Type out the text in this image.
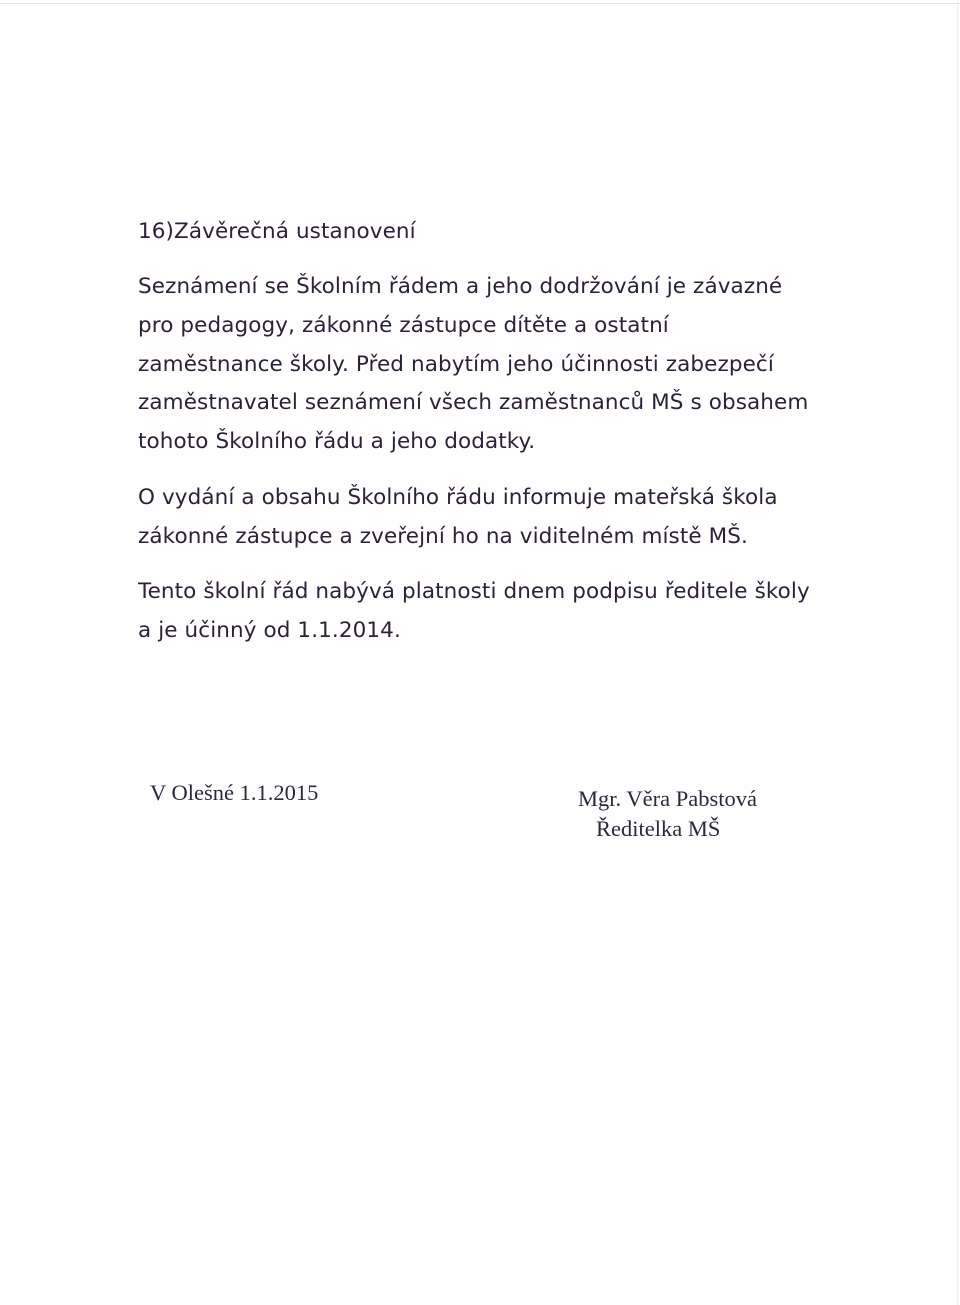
16)Závěrečná ustanovení
Seznámení se Školním řádem a jeho dodržování je závazné
pro pedagogy, zákonné zástupce dítěte a ostatní
zaměstnance školy. Před nabytím jeho účinnosti zabezpečí
zaměstnavatel seznámení všech zaměstnanců MŠ s obsahem
tohoto Školního řádu a jeho dodatky.
O vydání a obsahu Školního řádu informuje mateřská škola
zákonné zástupce a zveřejní ho na viditelném místě MŠ.
Tento školní řád nabývá platnosti dnem podpisu ředitele školy
a je účinný od 1.1.2014.
V Olešné 1.1.2015	Mgr. Věra Pabstová
Ředitelka MŠ
